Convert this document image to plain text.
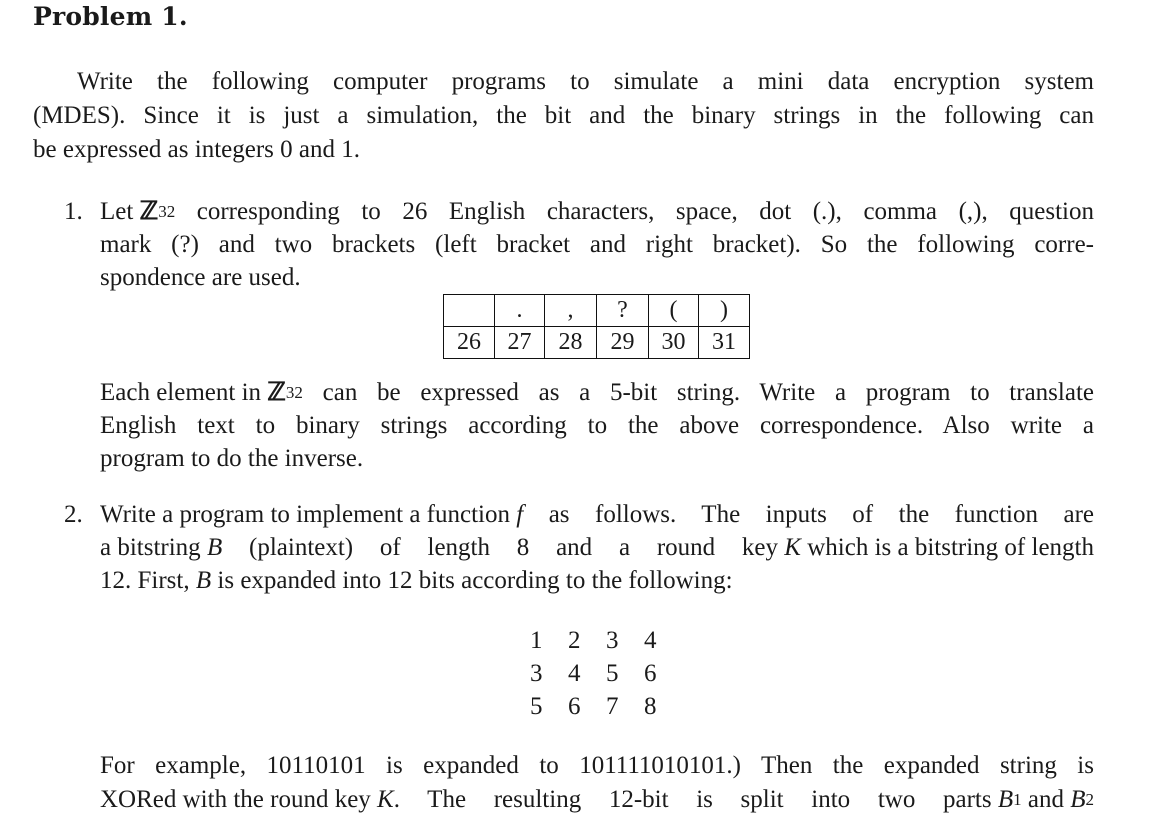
Problem 1.
Write the following computer programs to simulate a mini data encryption system
(MDES). Since it is just a simulation, the bit and the binary strings in the following can
be expressed as integers 0 and 1.
1. Let ℤ 32 corresponding to 26 English characters, space, dot (.), comma (,), question
mark (?) and two brackets (left bracket and right bracket). So the following corre-
spondence are used.
	.	,	?	(	)
26	27	28	29	30	31
Each element in ℤ 32 can be expressed as a 5-bit string. Write a program to translate
English text to binary strings according to the above correspondence. Also write a
program to do the inverse.
2. Write a program to implement a function f as follows. The inputs of the function are
a bitstring B (plaintext) of length 8 and a round key K which is a bitstring of length
12. First, B is expanded into 12 bits according to the following:
1 2 3 4
3 4 5 6
5 6 7 8
For example, 10110101 is expanded to 101111010101.) Then the expanded string is
XORed with the round key K . The resulting 12-bit is split into two parts B 1 and B 2
